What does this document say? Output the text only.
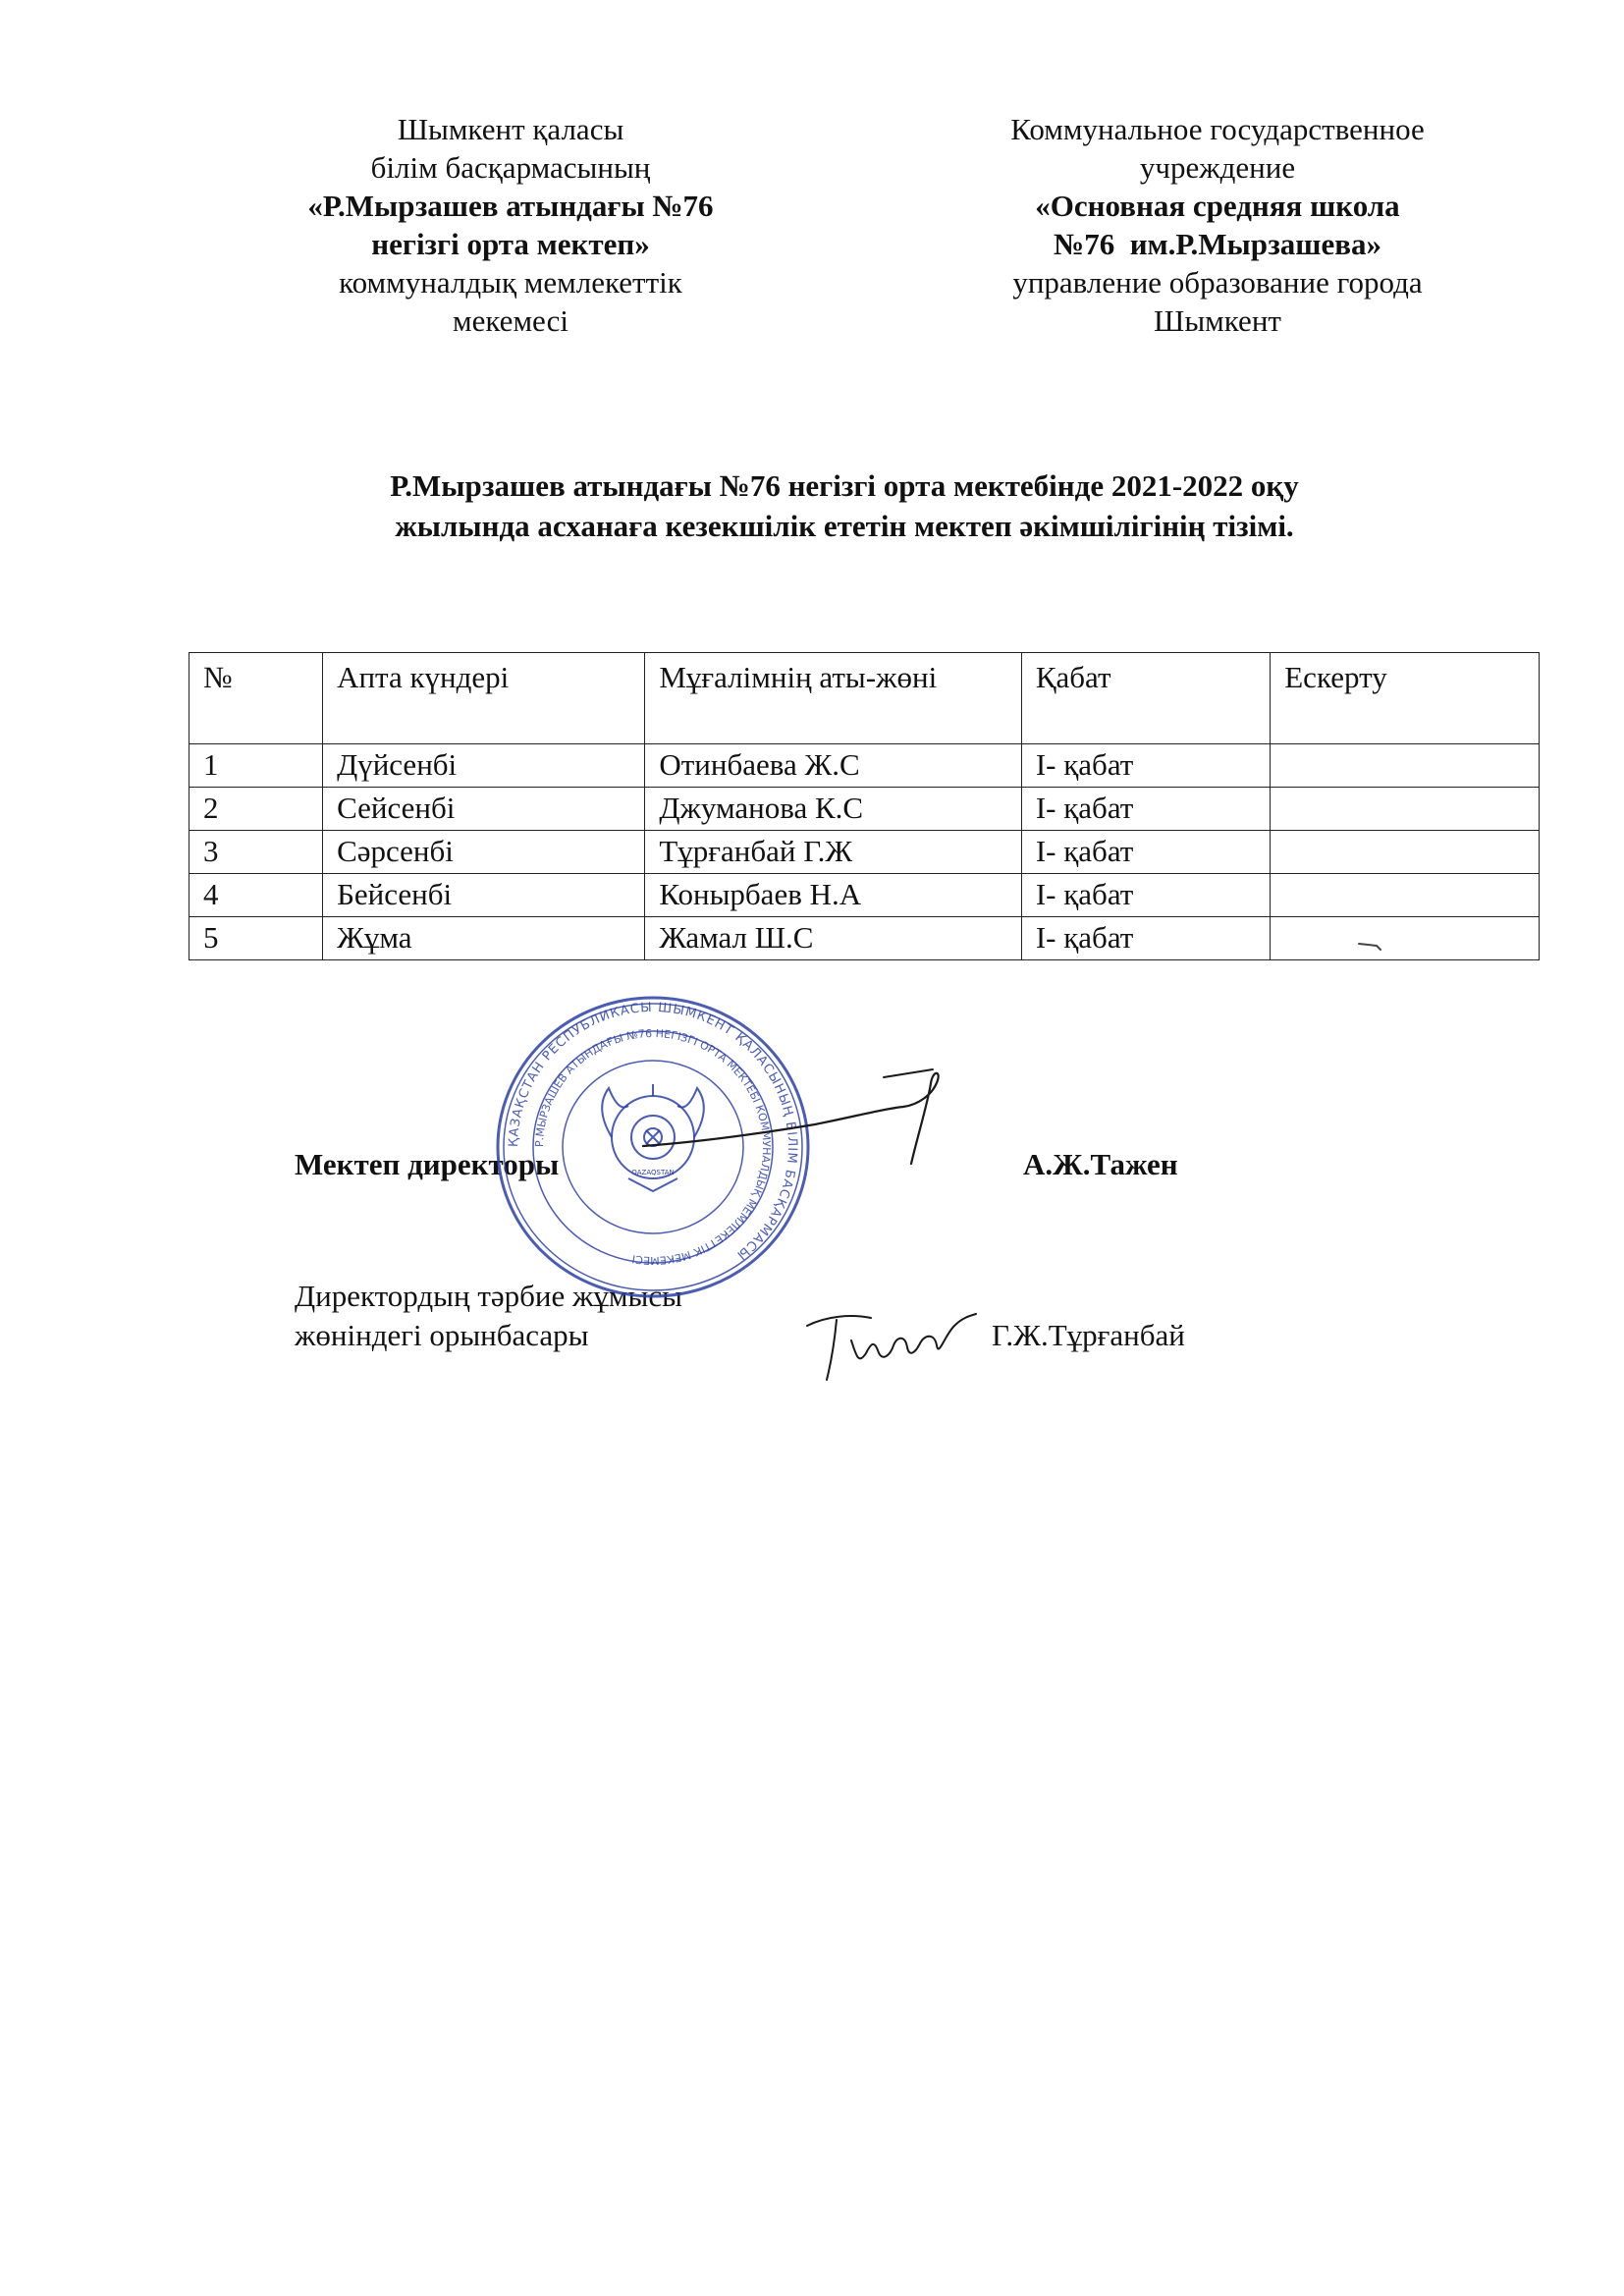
Шымкент қаласы
білім басқармасының
«Р.Мырзашев атындағы №76
негізгі орта мектеп»
коммуналдық мемлекеттік
мекемесі
Коммунальное государственное
учреждение
«Основная средняя школа
№76  им.Р.Мырзашева»
управление образование города
Шымкент
Р.Мырзашев атындағы №76 негізгі орта мектебінде 2021-2022 оқу
жылында асханаға кезекшілік ететін мектеп әкімшілігінің тізімі.
№	Апта күндері	Мұғалімнің аты-жөні	Қабат	Ескерту
1	Дүйсенбі	Отинбаева Ж.С	I- қабат	
2	Сейсенбі	Джуманова К.С	I- қабат	
3	Сәрсенбі	Тұрғанбай Г.Ж	I- қабат	
4	Бейсенбі	Конырбаев Н.А	I- қабат	
5	Жұма	Жамал Ш.С	I- қабат	
Мектеп директоры	А.Ж.Тажен
Директордың тәрбие жұмысы
жөніндегі орынбасары	Г.Ж.Тұрғанбай
ҚАЗАҚСТАН РЕСПУБЛИКАСЫ ШЫМКЕНТ ҚАЛАСЫНЫҢ БІЛІМ БАСҚАРМАСЫ
Р.МЫРЗАШЕВ АТЫНДАҒЫ №76 НЕГІЗГІ ОРТА МЕКТЕБІ КОММУНАЛДЫҚ МЕМЛЕКЕТТІК МЕКЕМЕСІ
QAZAQSTAN
